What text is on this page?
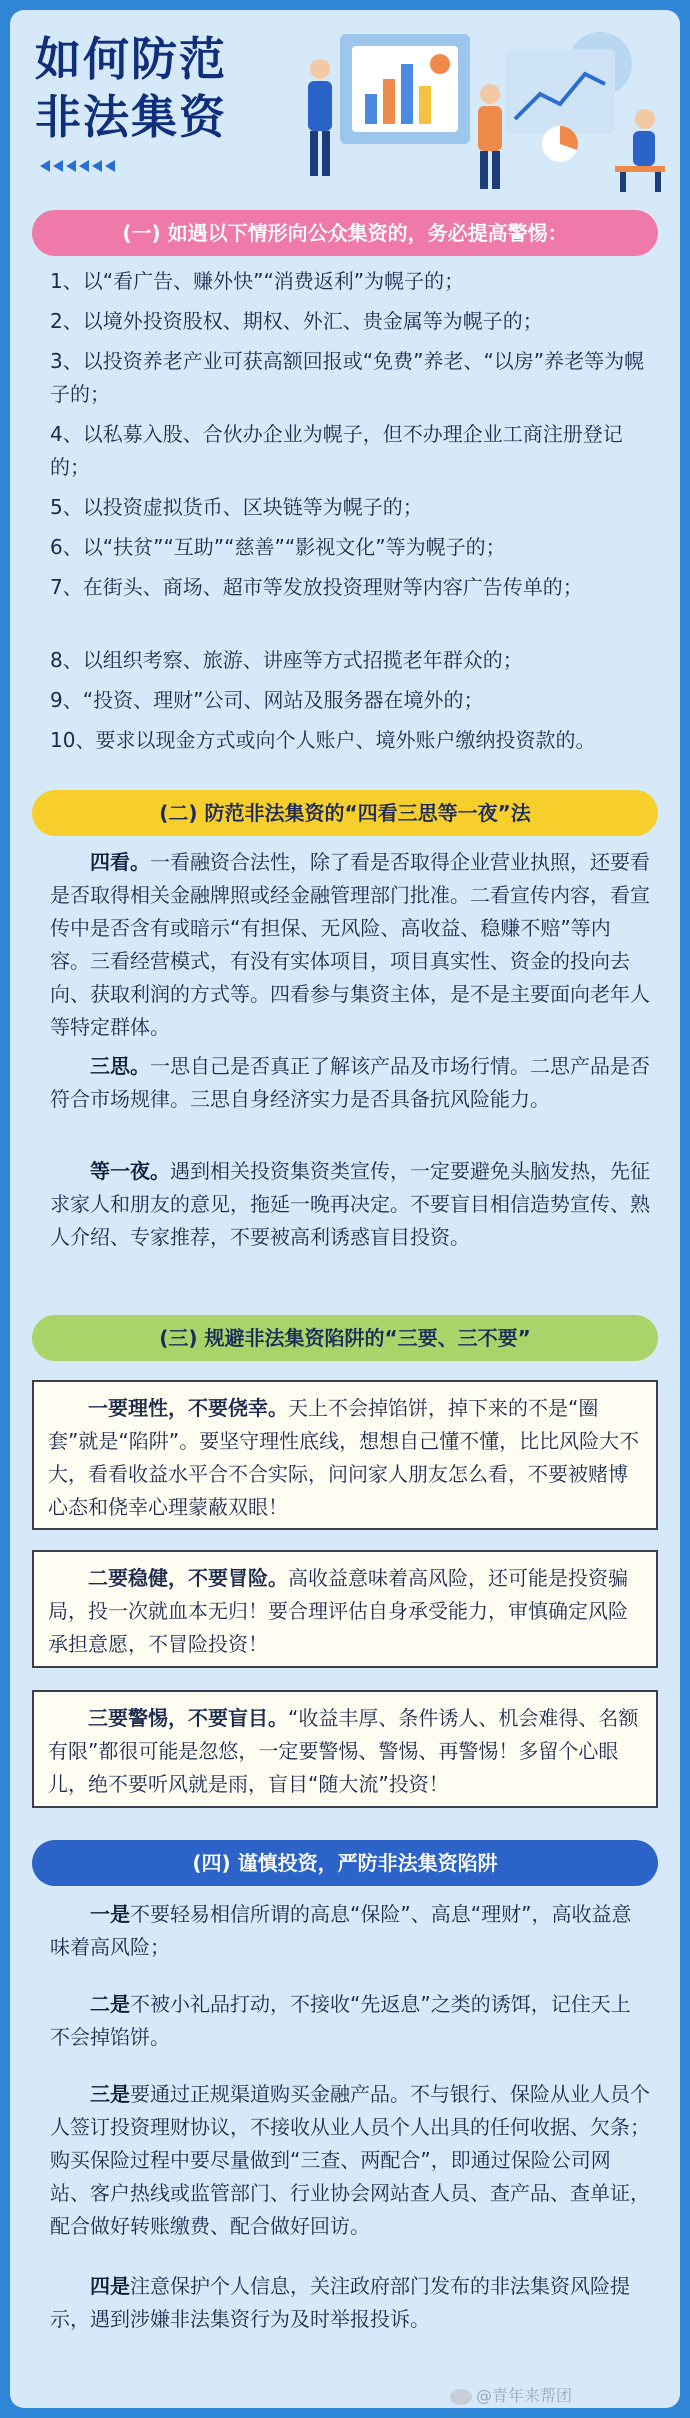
如何防范
非法集资
(一) 如遇以下情形向公众集资的，务必提高警惕：

1、以“看广告、赚外快”“消费返利”为幌子的；

2、以境外投资股权、期权、外汇、贵金属等为幌子的；

3、以投资养老产业可获高额回报或“免费”养老、“以房”养老等为幌子的；

4、以私募入股、合伙办企业为幌子，但不办理企业工商注册登记的；

5、以投资虚拟货币、区块链等为幌子的；

6、以“扶贫”“互助”“慈善”“影视文化”等为幌子的；

7、在街头、商场、超市等发放投资理财等内容广告传单的；

8、以组织考察、旅游、讲座等方式招揽老年群众的；

9、“投资、理财”公司、网站及服务器在境外的；

10、要求以现金方式或向个人账户、境外账户缴纳投资款的。

(二) 防范非法集资的“四看三思等一夜”法

四看。一看融资合法性，除了看是否取得企业营业执照，还要看是否取得相关金融牌照或经金融管理部门批准。二看宣传内容，看宣传中是否含有或暗示“有担保、无风险、高收益、稳赚不赔”等内容。三看经营模式，有没有实体项目，项目真实性、资金的投向去向、获取利润的方式等。四看参与集资主体，是不是主要面向老年人等特定群体。

三思。一思自己是否真正了解该产品及市场行情。二思产品是否符合市场规律。三思自身经济实力是否具备抗风险能力。

等一夜。遇到相关投资集资类宣传，一定要避免头脑发热，先征求家人和朋友的意见，拖延一晚再决定。不要盲目相信造势宣传、熟人介绍、专家推荐，不要被高利诱惑盲目投资。

(三) 规避非法集资陷阱的“三要、三不要”

一要理性，不要侥幸。天上不会掉馅饼，掉下来的不是“圈套”就是“陷阱”。要坚守理性底线，想想自己懂不懂，比比风险大不大，看看收益水平合不合实际，问问家人朋友怎么看，不要被赌博心态和侥幸心理蒙蔽双眼！

二要稳健，不要冒险。高收益意味着高风险，还可能是投资骗局，投一次就血本无归！要合理评估自身承受能力，审慎确定风险承担意愿，不冒险投资！

三要警惕，不要盲目。“收益丰厚、条件诱人、机会难得、名额有限”都很可能是忽悠，一定要警惕、警惕、再警惕！多留个心眼儿，绝不要听风就是雨，盲目“随大流”投资！

(四) 谨慎投资，严防非法集资陷阱

一是不要轻易相信所谓的高息“保险”、高息“理财”，高收益意味着高风险；

二是不被小礼品打动，不接收“先返息”之类的诱饵，记住天上不会掉馅饼。

三是要通过正规渠道购买金融产品。不与银行、保险从业人员个人签订投资理财协议，不接收从业人员个人出具的任何收据、欠条；购买保险过程中要尽量做到“三查、两配合”，即通过保险公司网站、客户热线或监管部门、行业协会网站查人员、查产品、查单证，配合做好转账缴费、配合做好回访。

四是注意保护个人信息，关注政府部门发布的非法集资风险提示，遇到涉嫌非法集资行为及时举报投诉。

@青年来帮团
